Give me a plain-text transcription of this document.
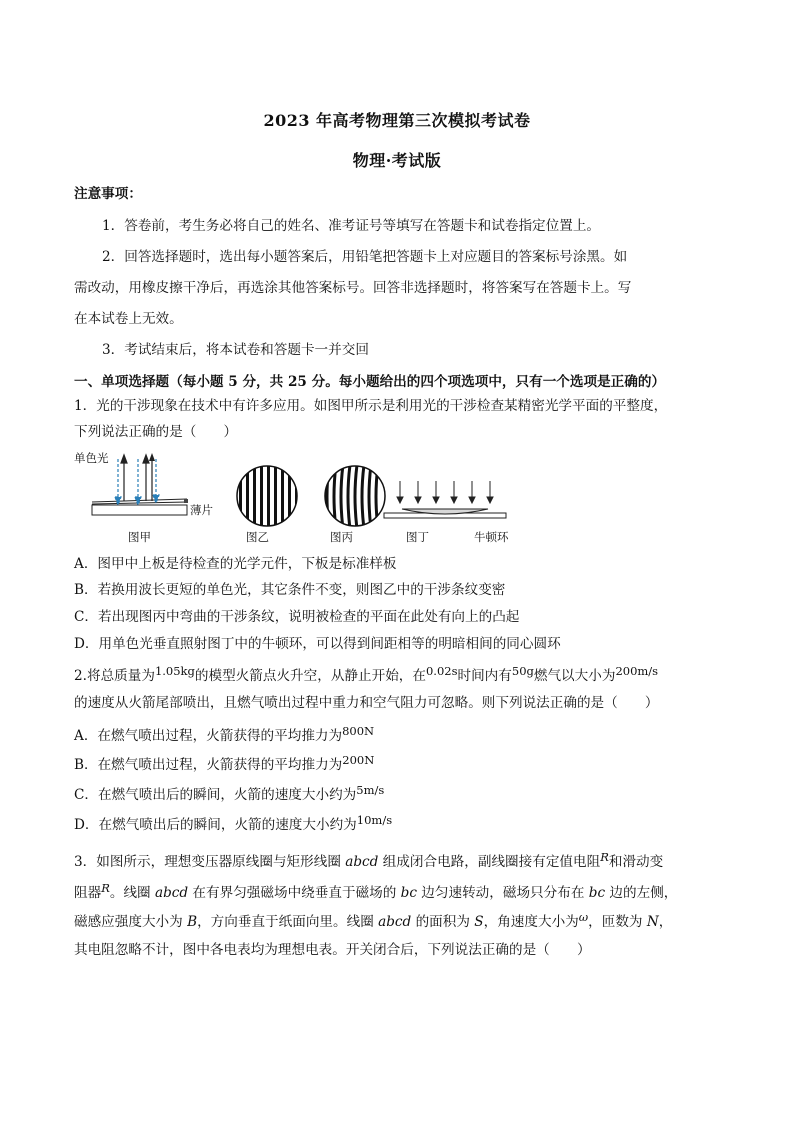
2023 年高考物理第三次模拟考试卷
物理·考试版
注意事项：
1．答卷前，考生务必将自己的姓名、准考证号等填写在答题卡和试卷指定位置上。
2．回答选择题时，选出每小题答案后，用铅笔把答题卡上对应题目的答案标号涂黑。如
需改动，用橡皮擦干净后，再选涂其他答案标号。回答非选择题时，将答案写在答题卡上。写
在本试卷上无效。
3．考试结束后，将本试卷和答题卡一并交回
一、单项选择题（每小题 5 分，共 25 分。每小题给出的四个项选项中，只有一个选项是正确的）
1．光的干涉现象在技术中有许多应用。如图甲所示是利用光的干涉检查某精密光学平面的平整度，
下列说法正确的是（　　）
单色光
薄片
图甲	图乙	图丙	图丁	牛顿环
A．图甲中上板是待检查的光学元件，下板是标准样板
B．若换用波长更短的单色光，其它条件不变，则图乙中的干涉条纹变密
C．若出现图丙中弯曲的干涉条纹，说明被检查的平面在此处有向上的凸起
D．用单色光垂直照射图丁中的牛顿环，可以得到间距相等的明暗相间的同心圆环
2.将总质量为$^{1.05kg}$的模型火箭点火升空，从静止开始，在$^{0.02s}$时间内有$^{50g}$燃气以大小为$^{200m/s}$
的速度从火箭尾部喷出，且燃气喷出过程中重力和空气阻力可忽略。则下列说法正确的是（　　）
A．在燃气喷出过程，火箭获得的平均推力为$^{800N}$
B．在燃气喷出过程，火箭获得的平均推力为$^{200N}$
C．在燃气喷出后的瞬间，火箭的速度大小约为$^{5m/s}$
D．在燃气喷出后的瞬间，火箭的速度大小约为$^{10m/s}$
3．如图所示，理想变压器原线圈与矩形线圈 abcd 组成闭合电路，副线圈接有定值电阻$^R$和滑动变
阻器$^R$。线圈 abcd 在有界匀强磁场中绕垂直于磁场的 bc 边匀速转动，磁场只分布在 bc 边的左侧，
磁感应强度大小为 B，方向垂直于纸面向里。线圈 abcd 的面积为 S，角速度大小为$^\omega$，匝数为 N，
其电阻忽略不计，图中各电表均为理想电表。开关闭合后，下列说法正确的是（　　）
